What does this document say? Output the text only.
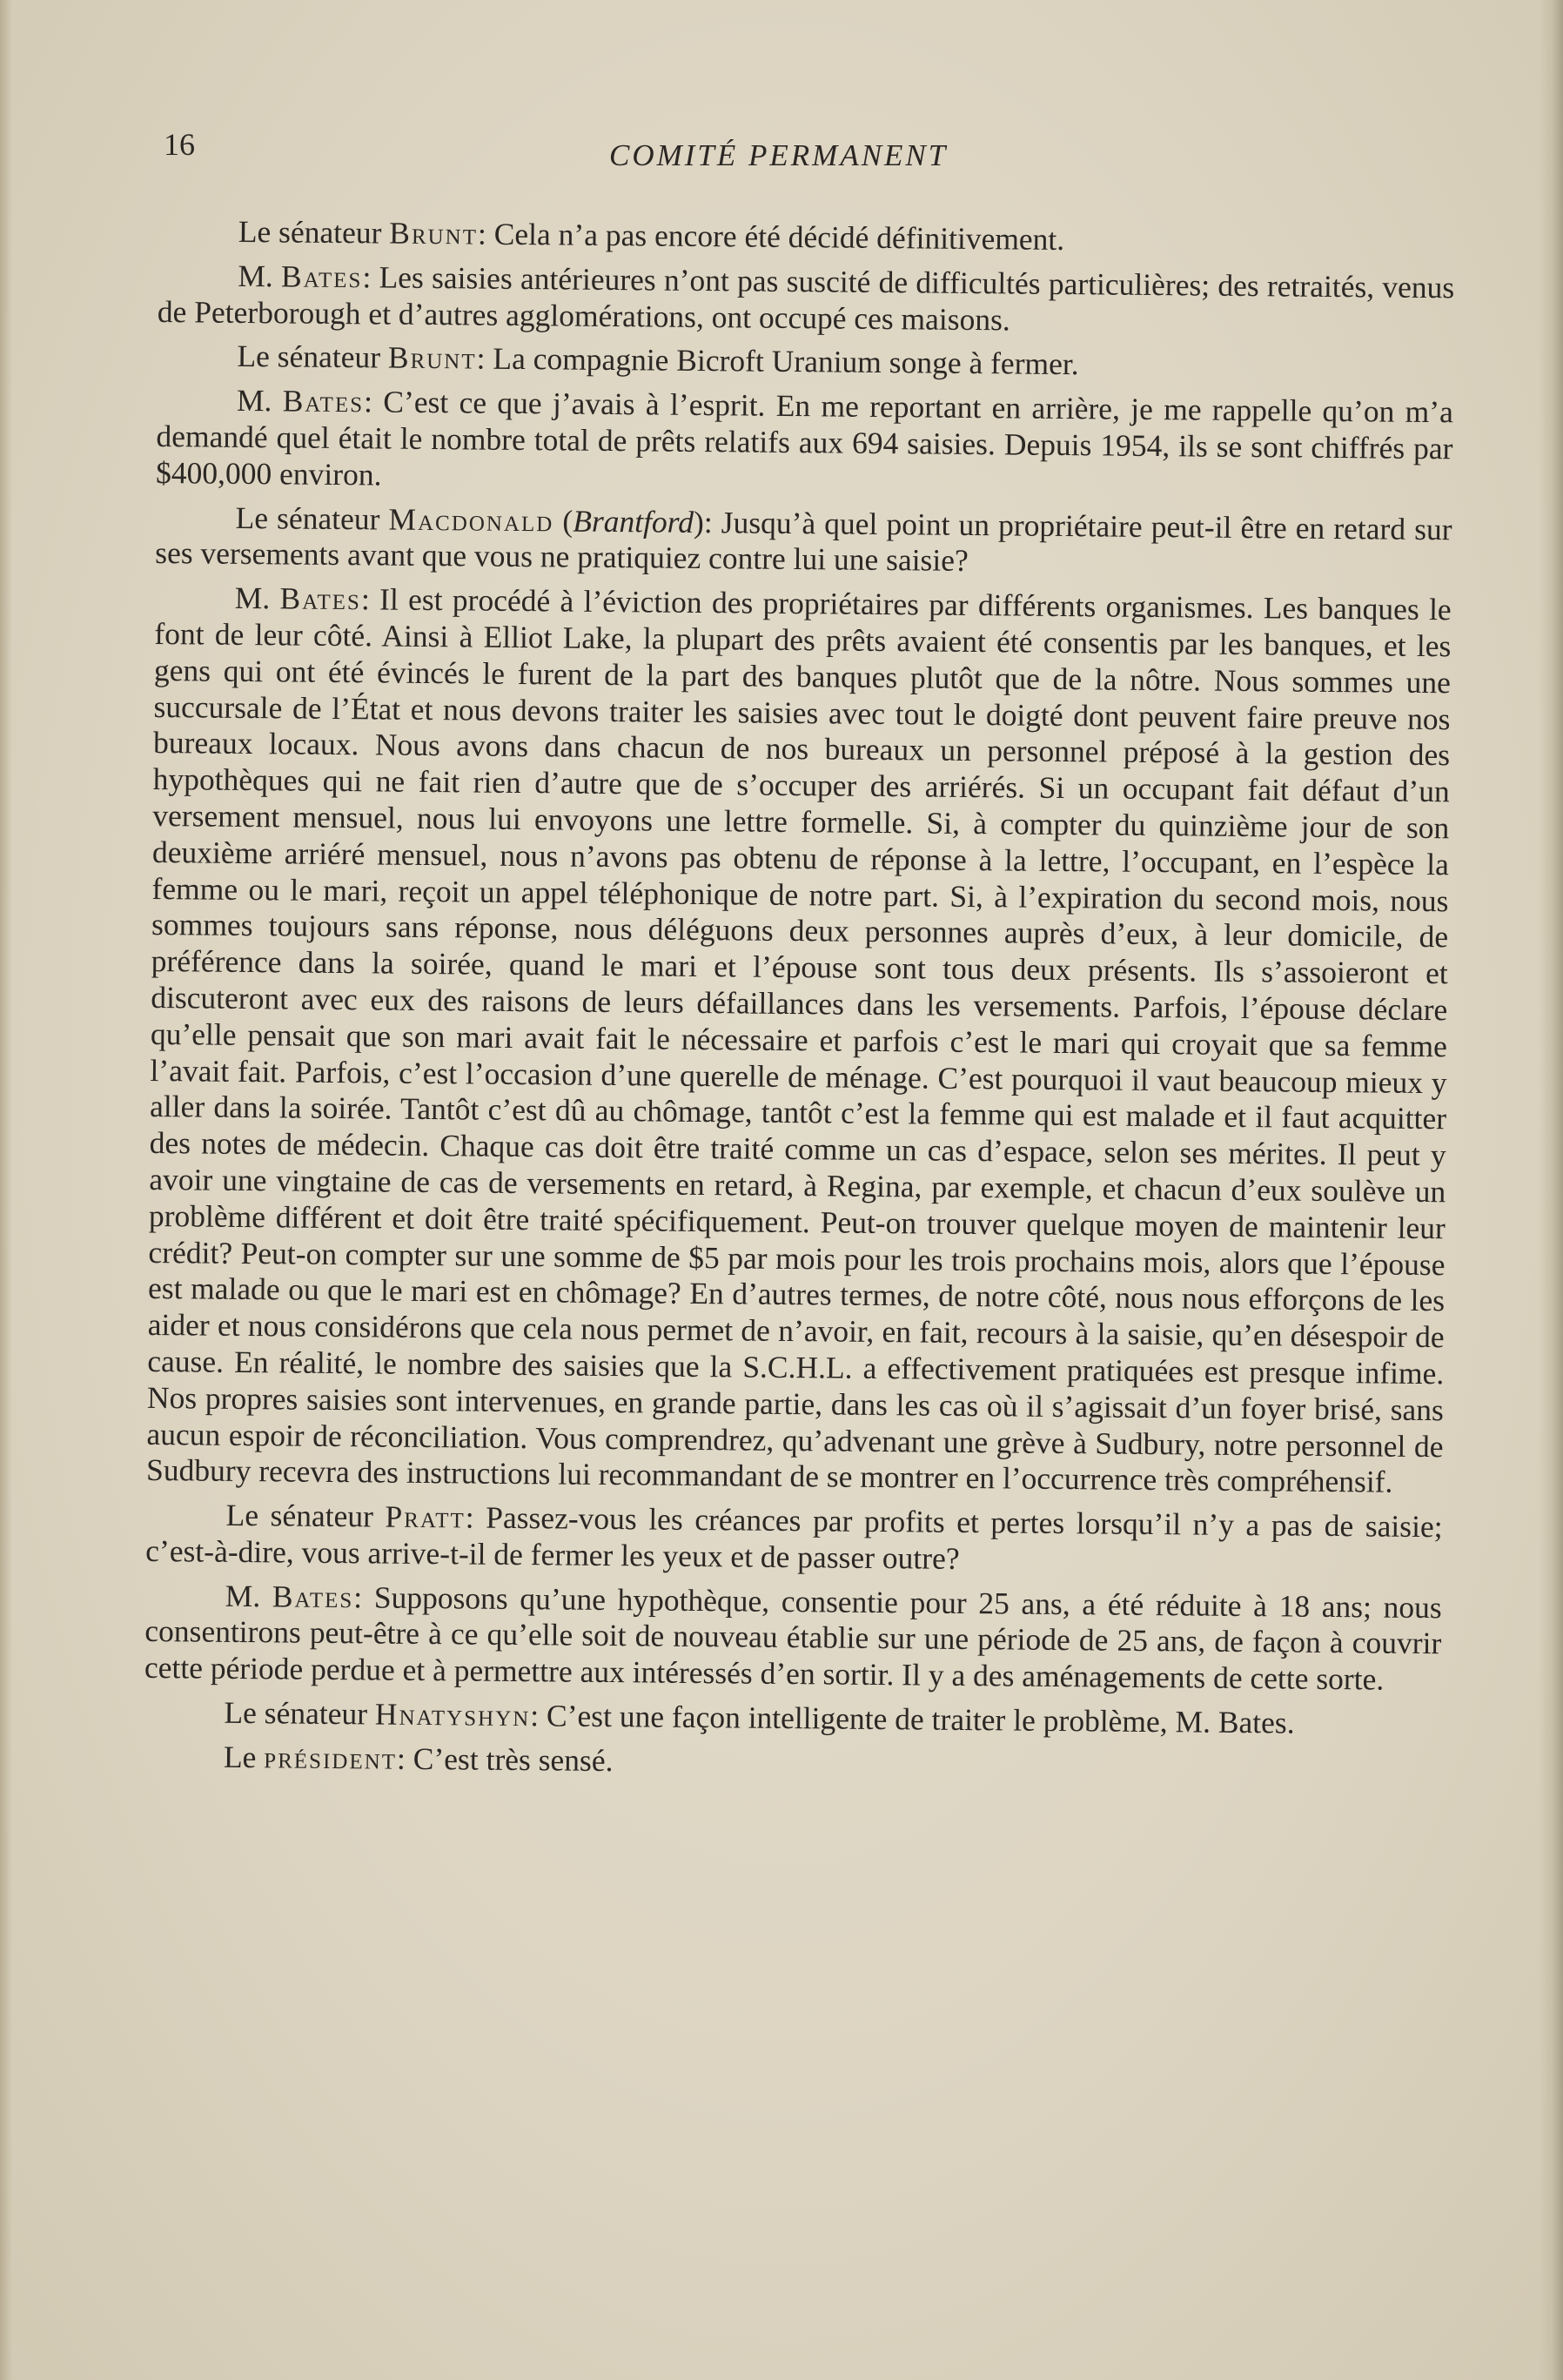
16	COMITÉ PERMANENT

Le sénateur Brunt: Cela n’a pas encore été décidé définitivement.

M. Bates: Les saisies antérieures n’ont pas suscité de difficultés particulières; des retraités, venus de Peterborough et d’autres agglomérations, ont occupé ces maisons.

Le sénateur Brunt: La compagnie Bicroft Uranium songe à fermer.

M. Bates: C’est ce que j’avais à l’esprit. En me reportant en arrière, je me rappelle qu’on m’a demandé quel était le nombre total de prêts relatifs aux 694 saisies. Depuis 1954, ils se sont chiffrés par $400,000 environ.

Le sénateur Macdonald (Brantford): Jusqu’à quel point un propriétaire peut-il être en retard sur ses versements avant que vous ne pratiquiez contre lui une saisie?

M. Bates: Il est procédé à l’éviction des propriétaires par différents organismes. Les banques le font de leur côté. Ainsi à Elliot Lake, la plupart des prêts avaient été consentis par les banques, et les gens qui ont été évincés le furent de la part des banques plutôt que de la nôtre. Nous sommes une succursale de l’État et nous devons traiter les saisies avec tout le doigté dont peuvent faire preuve nos bureaux locaux. Nous avons dans chacun de nos bureaux un personnel préposé à la gestion des hypothèques qui ne fait rien d’autre que de s’occuper des arriérés. Si un occupant fait défaut d’un versement mensuel, nous lui envoyons une lettre formelle. Si, à compter du quinzième jour de son deuxième arriéré mensuel, nous n’avons pas obtenu de réponse à la lettre, l’occupant, en l’espèce la femme ou le mari, reçoit un appel téléphonique de notre part. Si, à l’expiration du second mois, nous sommes toujours sans réponse, nous déléguons deux personnes auprès d’eux, à leur domicile, de préférence dans la soirée, quand le mari et l’épouse sont tous deux présents. Ils s’assoieront et discuteront avec eux des raisons de leurs défaillances dans les versements. Parfois, l’épouse déclare qu’elle pensait que son mari avait fait le nécessaire et parfois c’est le mari qui croyait que sa femme l’avait fait. Parfois, c’est l’occasion d’une querelle de ménage. C’est pourquoi il vaut beaucoup mieux y aller dans la soirée. Tantôt c’est dû au chômage, tantôt c’est la femme qui est malade et il faut acquitter des notes de médecin. Chaque cas doit être traité comme un cas d’espace, selon ses mérites. Il peut y avoir une vingtaine de cas de versements en retard, à Regina, par exemple, et chacun d’eux soulève un problème différent et doit être traité spécifiquement. Peut-on trouver quelque moyen de maintenir leur crédit? Peut-on compter sur une somme de $5 par mois pour les trois prochains mois, alors que l’épouse est malade ou que le mari est en chômage? En d’autres termes, de notre côté, nous nous efforçons de les aider et nous considérons que cela nous permet de n’avoir, en fait, recours à la saisie, qu’en désespoir de cause. En réalité, le nombre des saisies que la S.C.H.L. a effectivement pratiquées est presque infime. Nos propres saisies sont intervenues, en grande partie, dans les cas où il s’agissait d’un foyer brisé, sans aucun espoir de réconciliation. Vous comprendrez, qu’advenant une grève à Sudbury, notre personnel de Sudbury recevra des instructions lui recommandant de se montrer en l’occurrence très compréhensif.

Le sénateur Pratt: Passez-vous les créances par profits et pertes lorsqu’il n’y a pas de saisie; c’est-à-dire, vous arrive-t-il de fermer les yeux et de passer outre?

M. Bates: Supposons qu’une hypothèque, consentie pour 25 ans, a été réduite à 18 ans; nous consentirons peut-être à ce qu’elle soit de nouveau établie sur une période de 25 ans, de façon à couvrir cette période perdue et à permettre aux intéressés d’en sortir. Il y a des aménagements de cette sorte.

Le sénateur Hnatyshyn: C’est une façon intelligente de traiter le problème, M. Bates.

Le président: C’est très sensé.
